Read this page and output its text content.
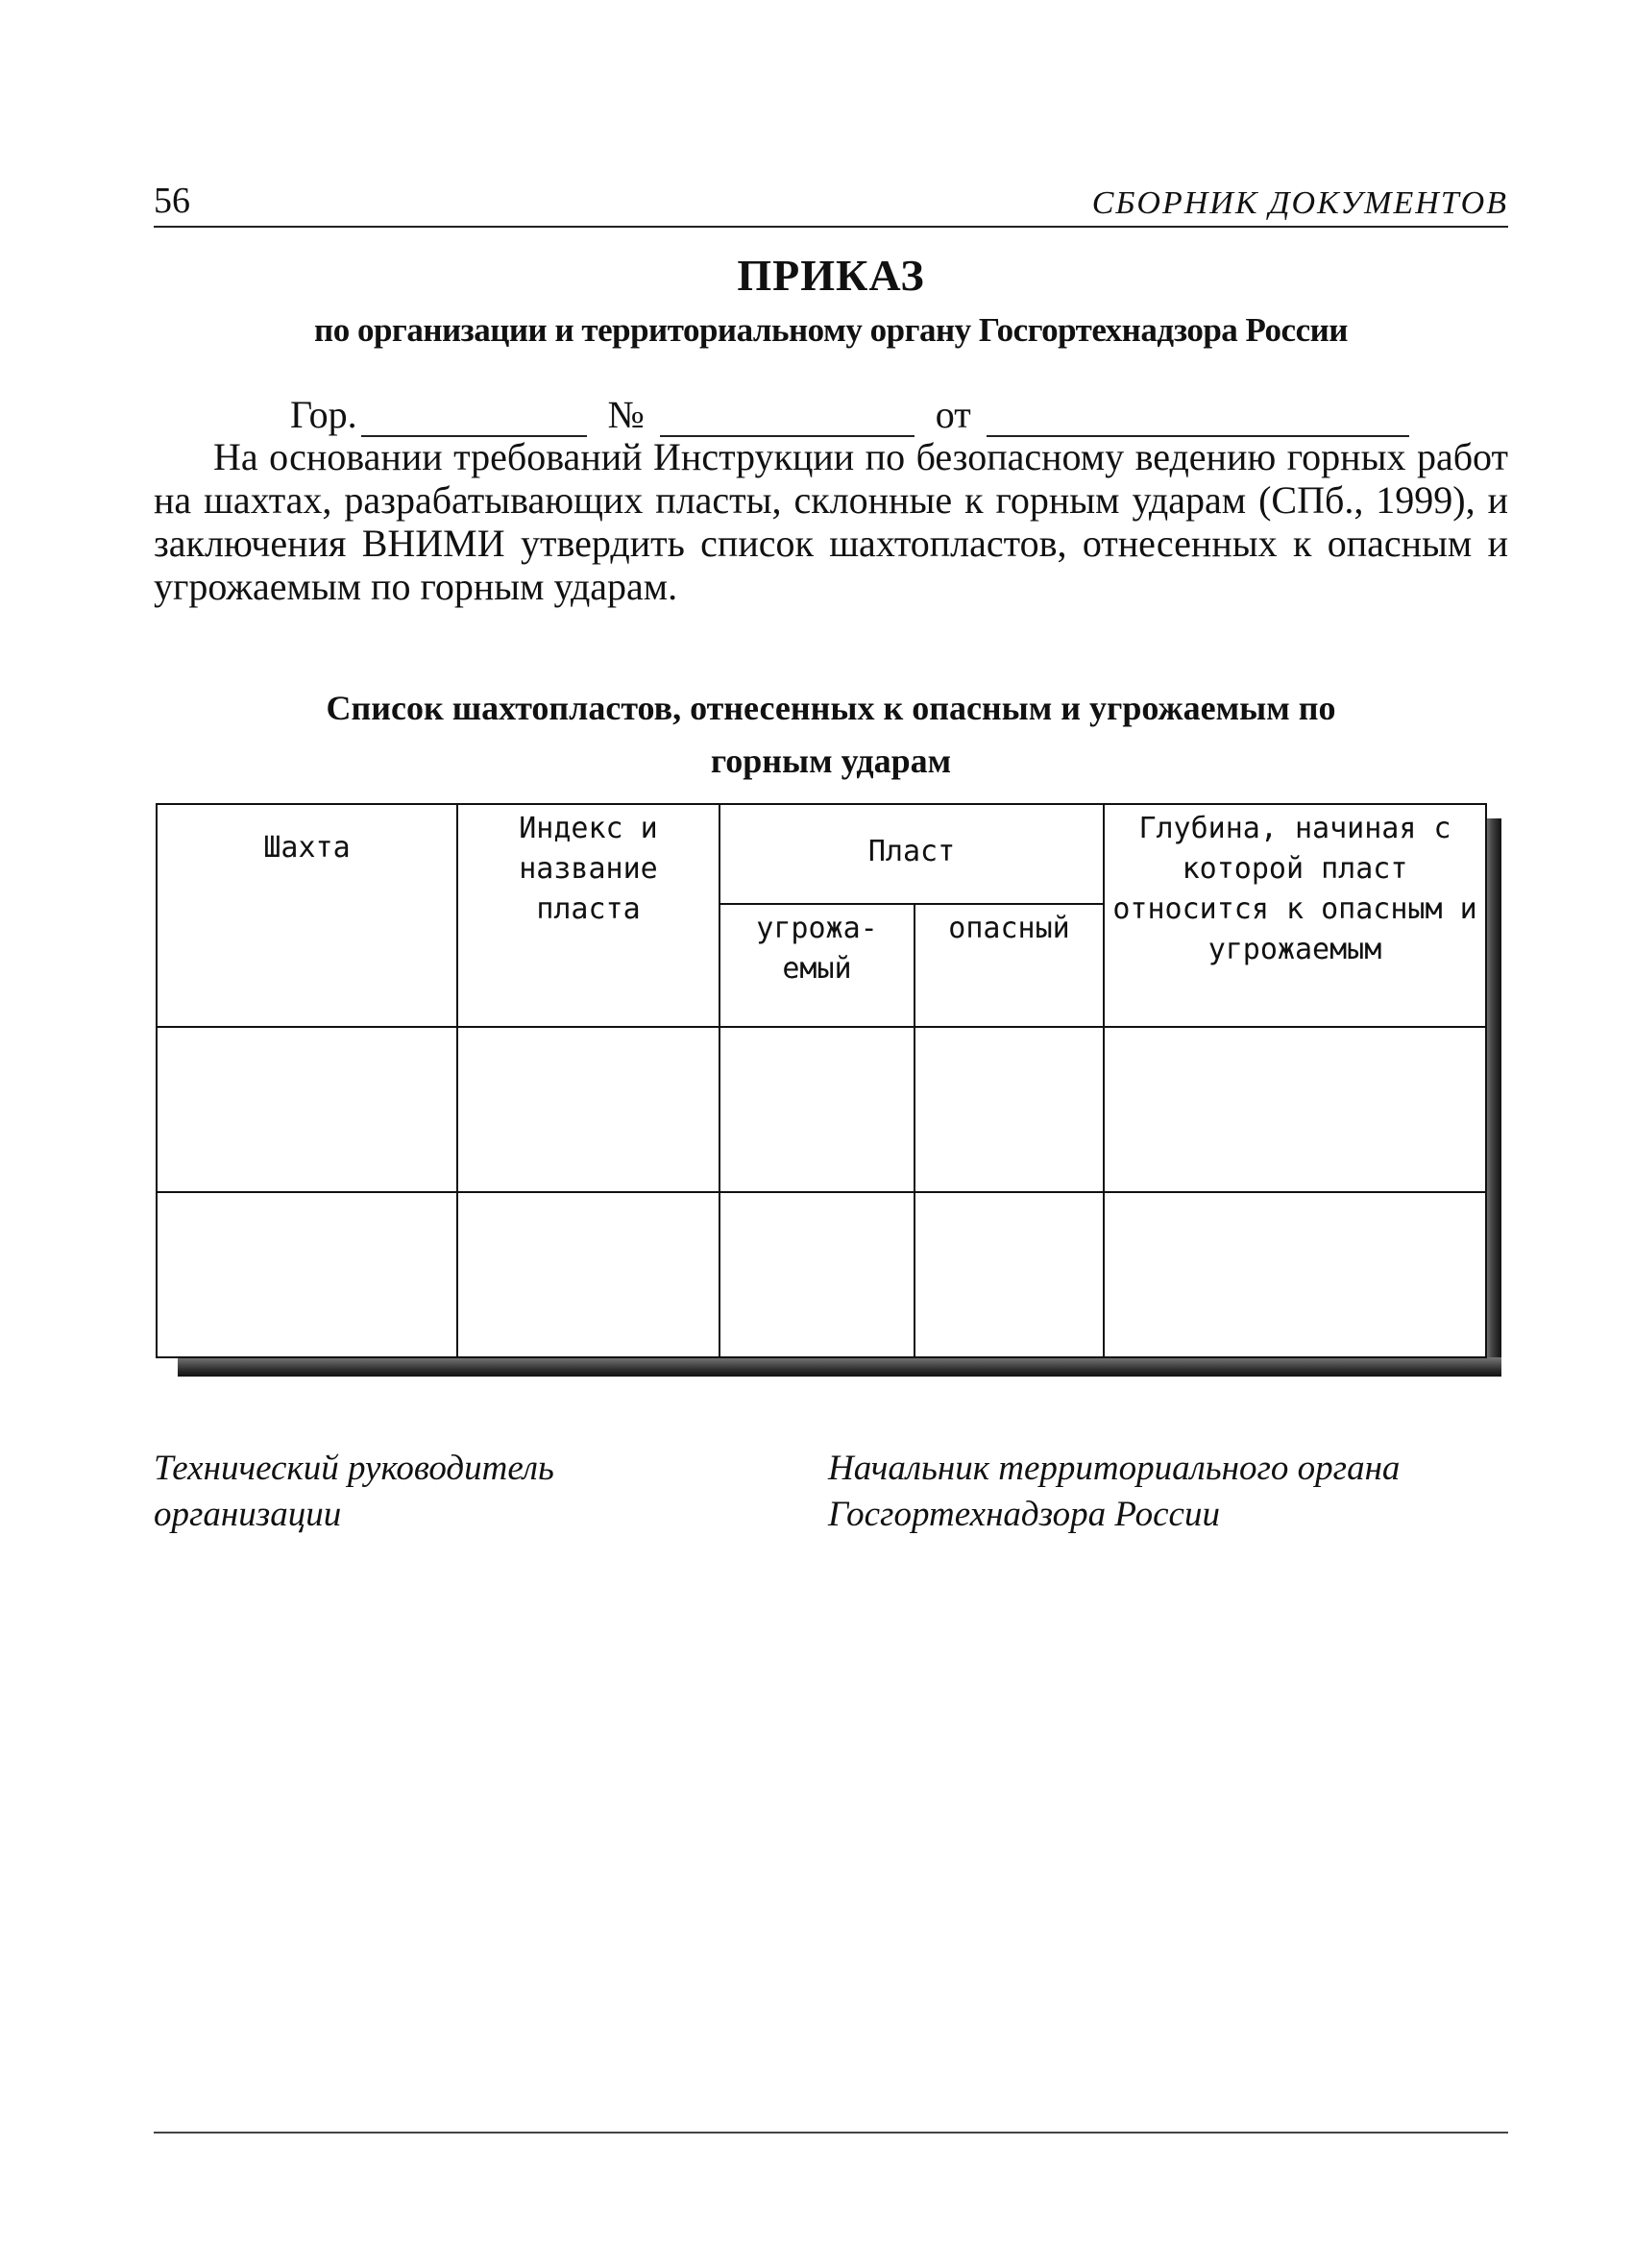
56	СБОРНИК ДОКУМЕНТОВ
ПРИКАЗ
по организации и территориальному органу Госгортехнадзора России
Гор.	№	от

На основании требований Инструкции по безопасному ведению горных работ на шахтах, разрабатывающих пласты, склонные к горным ударам (СПб., 1999), и заключения ВНИМИ утвердить список шахтопластов, отнесенных к опасным и угрожаемым по горным ударам.

Список шахтопластов, отнесенных к опасным и угрожаемым по
горным ударам
Шахта	Индекс и название пласта	Пласт		Глубина, начиная с которой пласт относится к опасным и угрожаемым
		угрожа-емый	опасный	

Технический руководитель
организации
Начальник территориального органа
Госгортехнадзора России
